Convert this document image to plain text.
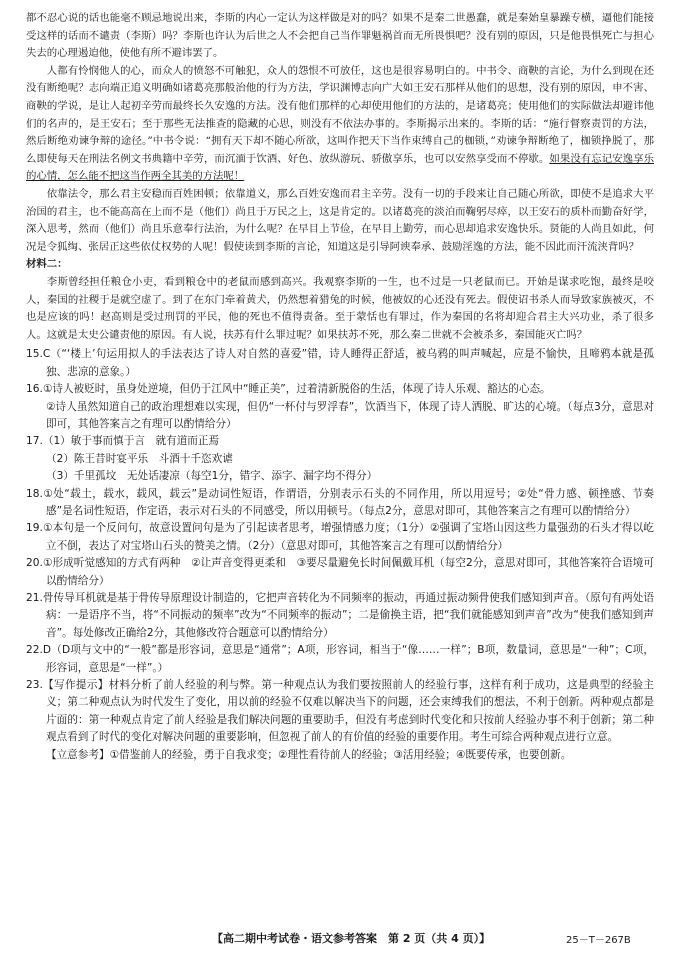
都不忍心说的话也能毫不顾忌地说出来，李斯的内心一定认为这样做是对的吗？如果不是秦二世愚蠢，就是秦始皇暴躁专横，逼他们能接受这样的话而不谴责（李斯）吗？李斯也许认为后世之人不会把自己当作罪魁祸首而无所畏惧吧？没有别的原因，只是他畏惧死亡与担心失去的心理遏迫他，使他有所不避讳罢了。

人都有怜悯他人的心，而众人的愤怒不可触犯，众人的怨恨不可放任，这也是很容易明白的。中书令、商鞅的言论，为什么到现在还没有断绝呢？志向端正追义明确如诸葛亮那般治他的行为方法，学识渊博志向广大如王安石那样从他们的思想，没有别的原因，申不害、商鞅的学说，是让人起初辛劳而最终长久安逸的方法。没有他们那样的心却使用他们的方法的，是诸葛亮；使用他们的实际做法却避讳他们的名声的，是王安石；至于那些无法推查的隐藏的心思，则没有不依法办事的。李斯揭示出来的。李斯的话：“施行督察责罚的方法，然后断绝劝谏争辩的途径。”中书令说：“拥有天下却不随心所欲，这叫作把天下当作束缚自己的枷锁，”劝谏争辩断绝了，枷锁挣脱了，那么即使每天在刑法名例文书典籍中辛劳，而沉湎于饮酒、好色、放纵游玩、骄傲享乐，也可以安然享受而不停歇。如果没有忘记安逸享乐的心情，怎么能不把这当作两全其美的方法呢！

依靠法令，那么君主安稳而百姓困顿；依靠道义，那么百姓安逸而君主辛劳。没有一切的手段来让自己随心所欲，即使不是追求大平治国的君主，也不能高高在上而不是（他们）尚且于万民之上，这是肯定的。以诸葛亮的淡泊而鞠躬尽瘁，以王安石的质朴而勤奋好学，深入思考，然而（他们）尚且乐意奉行法治，为什么呢？在早目上节俭，在早目上勤劳，而心思却追求安逸快乐。贤能的人尚且如此，何况是令狐绹、张居正这些依仗权势的人呢！假使读到李斯的言论，知道这是引导阿谀奉承、鼓励淫逸的方法，能不因此而汗流浃背吗？

材料二：

李斯曾经担任粮仓小吏，看到粮仓中的老鼠而感到高兴。我观察李斯的一生，也不过是一只老鼠而已。开始是谋求吃饱，最终是咬人，秦国的社稷于是就空虚了。到了在东门牵着黄犬，仍然想着猎兔的时候，他被奴的心还没有死去。假使诏书杀人而导致家族被灭，不也是应该的吗！赵高则是受过刑罚的平民，他的死也不值得责备。至于蒙恬也有罪过，作为秦国的名将却迎合君主大兴功业，杀了很多人。这就是太史公谴责他的原因。有人说，扶苏有什么罪过呢？如果扶苏不死，那么秦二世就不会被杀多，秦国能灭亡吗？

15.C（“‘楼上’句运用拟人的手法表达了诗人对自然的喜爱”错，诗人睡得正舒适，被乌鸦的叫声喊起，应是不愉快，且啼鸦本就是孤独、悲凉的意象。）

16.①诗人被贬时，虽身处逆境，但仍于江风中“睡正美”，过着清新脱俗的生活，体现了诗人乐观、豁达的心态。

②诗人虽然知道自己的政治理想难以实现，但仍“一杯付与罗浮春”，饮酒当下，体现了诗人洒脱、旷达的心境。（每点3分，意思对即可，其他答案言之有理可以酌情给分）

17.（1）敏于事而慎于言　就有道而正焉

（2）陈王昔时宴平乐　斗酒十千恣欢谑

（3）千里孤坟　无处话凄凉（每空1分，错字、添字、漏字均不得分）

18.①处“载土，载水，载风，载云”是动词性短语，作谓语，分别表示石头的不同作用，所以用逗号；②处“骨力感、顿挫感、节奏感”是名词性短语，作定语，表示对石头的不同感受，所以用顿号。（每点2分，意思对即可，其他答案言之有理可以酌情给分）

19.①本句是一个反问句，故意设置问句是为了引起读者思考，增强情感力度；（1分）②强调了宝塔山因这些力量强劲的石头才得以屹立不倒，表达了对宝塔山石头的赞美之情。（2分）（意思对即可，其他答案言之有理可以酌情给分）

20.①形成听觉感知的方式有两种　②让声音变得更柔和　③要尽量避免长时间佩戴耳机（每空2分，意思对即可，其他答案符合语境可以酌情给分）

21.骨传导耳机就是基于骨传导原理设计制造的，它把声音转化为不同频率的振动，再通过振动频骨使我们感知到声音。（原句有两处语病：一是语序不当，将“不同振动的频率”改为“不同频率的振动”；二是偷换主语，把“我们就能感知到声音”改为“使我们感知到声音”。每处修改正确给2分，其他修改符合题意可以酌情给分）

22.D（D项与文中的“一般”都是形容词，意思是“通常”；A项，形容词，相当于“像……一样”；B项，数量词，意思是“一种”；C项，形容词，意思是“一样”。）

23.【写作提示】材料分析了前人经验的利与弊。第一种观点认为我们要按照前人的经验行事，这样有利于成功，这是典型的经验主义；第二种观点认为时代发生了变化，用以前的经验不仅难以解决当下的问题，还会束缚我们的想法，不利于创新。两种观点都是片面的：第一种观点肯定了前人经验是我们解决问题的重要助手，但没有考虑到时代变化和只按前人经验办事不利于创新；第二种观点看到了时代的变化对解决问题的重要影响，但忽视了前人的有价值的经验的重要作用。考生可综合两种观点进行立意。

【立意参考】①借鉴前人的经验，勇于自我求变；②理性看待前人的经验；③活用经验；④既要传承，也要创新。

【高二期中考试卷・语文参考答案　第 2 页（共 4 页）】	25－T－267B
